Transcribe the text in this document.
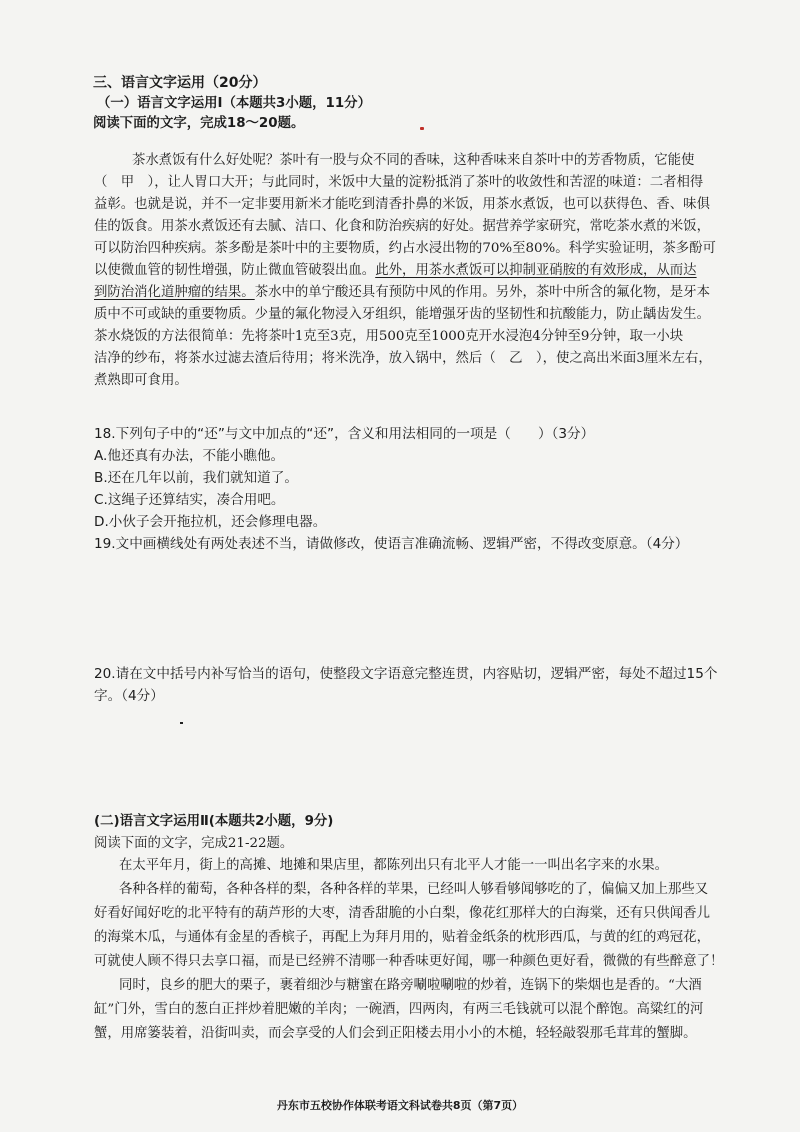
三、语言文字运用（20分）
（一）语言文字运用Ⅰ（本题共3小题，11分）
阅读下面的文字，完成18～20题。
茶水煮饭有什么好处呢？茶叶有一股与众不同的香味，这种香味来自茶叶中的芳香物质，它能使
（　甲　），让人胃口大开；与此同时，米饭中大量的淀粉抵消了茶叶的收敛性和苦涩的味道：二者相得
益彰。也就是说，并不一定非要用新米才能吃到清香扑鼻的米饭，用茶水煮饭，也可以获得色、香、味俱
佳的饭食。用茶水煮饭还有去腻、洁口、化食和防治疾病的好处。据营养学家研究，常吃茶水煮的米饭，
可以防治四种疾病。茶多酚是茶叶中的主要物质，约占水浸出物的70%至80%。科学实验证明，茶多酚可
以使微血管的韧性增强，防止微血管破裂出血。此外，用茶水煮饭可以抑制亚硝胺的有效形成，从而达
到防治消化道肿瘤的结果。茶水中的单宁酸还具有预防中风的作用。另外，茶叶中所含的氟化物，是牙本
质中不可或缺的重要物质。少量的氟化物浸入牙组织，能增强牙齿的坚韧性和抗酸能力，防止龋齿发生。
茶水烧饭的方法很简单：先将茶叶1克至3克，用500克至1000克开水浸泡4分钟至9分钟，取一小块
洁净的纱布，将茶水过滤去渣后待用；将米洗净，放入锅中，然后（　乙　），使之高出米面3厘米左右，
煮熟即可食用。
18.下列句子中的“还”与文中加点的“还”，含义和用法相同的一项是（　　）（3分）
A.他还真有办法，不能小瞧他。
B.还在几年以前，我们就知道了。
C.这绳子还算结实，凑合用吧。
D.小伙子会开拖拉机，还会修理电器。
19.文中画横线处有两处表述不当，请做修改，使语言准确流畅、逻辑严密，不得改变原意。（4分）
20.请在文中括号内补写恰当的语句，使整段文字语意完整连贯，内容贴切，逻辑严密，每处不超过15个
字。（4分）
(二)语言文字运用Ⅱ(本题共2小题，9分)
阅读下面的文字，完成21-22题。
在太平年月，街上的高摊、地摊和果店里，都陈列出只有北平人才能一一叫出名字来的水果。
各种各样的葡萄，各种各样的梨，各种各样的苹果，已经叫人够看够闻够吃的了，偏偏又加上那些又
好看好闻好吃的北平特有的葫芦形的大枣，清香甜脆的小白梨，像花红那样大的白海棠，还有只供闻香儿
的海棠木瓜，与通体有金星的香槟子，再配上为拜月用的，贴着金纸条的枕形西瓜，与黄的红的鸡冠花，
可就使人顾不得只去享口福，而是已经辨不清哪一种香味更好闻，哪一种颜色更好看，微微的有些醉意了！
同时，良乡的肥大的栗子，裹着细沙与糖蜜在路旁唰啦唰啦的炒着，连锅下的柴烟也是香的。“大酒
缸”门外，雪白的葱白正拌炒着肥嫩的羊肉；一碗酒，四两肉，有两三毛钱就可以混个醉饱。高粱红的河
蟹，用席篓装着，沿街叫卖，而会享受的人们会到正阳楼去用小小的木槌，轻轻敲裂那毛茸茸的蟹脚。
丹东市五校协作体联考语文科试卷共8页（第7页）
